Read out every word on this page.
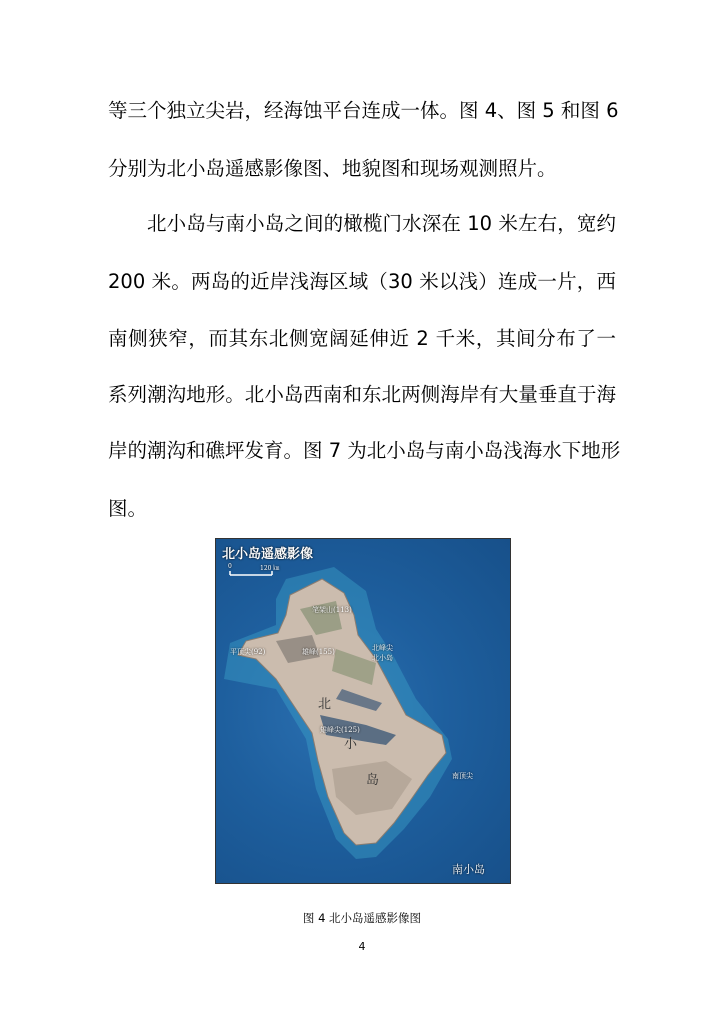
等三个独立尖岩，经海蚀平台连成一体。图 4、图 5 和图 6
分别为北小岛遥感影像图、地貌图和现场观测照片。
北小岛与南小岛之间的橄榄门水深在 10 米左右，宽约
200 米。两岛的近岸浅海区域（30 米以浅）连成一片，西
南侧狭窄，而其东北侧宽阔延伸近 2 千米，其间分布了一
系列潮沟地形。北小岛西南和东北两侧海岸有大量垂直于海
岸的潮沟和礁坪发育。图 7 为北小岛与南小岛浅海水下地形
图。
北小岛遥感影像
0	120 ㎞
笔架山(113)
平顶尖(92)	雄峰(155)	北峰尖
北小岛
北
小
岛
雉峰尖(125)
南小岛
南顶尖
图 4 北小岛遥感影像图
4
